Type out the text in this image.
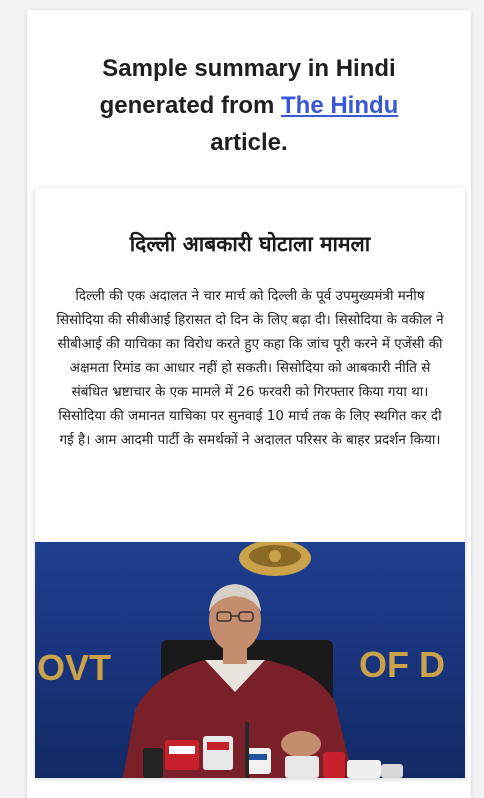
Sample summary in Hindi
generated from The Hindu
article.
दिल्ली आबकारी घोटाला मामला
दिल्ली की एक अदालत ने चार मार्च को दिल्ली के पूर्व उपमुख्यमंत्री मनीष सिसोदिया की सीबीआई हिरासत दो दिन के लिए बढ़ा दी। सिसोदिया के वकील ने सीबीआई की याचिका का विरोध करते हुए कहा कि जांच पूरी करने में एजेंसी की अक्षमता रिमांड का आधार नहीं हो सकती। सिसोदिया को आबकारी नीति से संबंधित भ्रष्टाचार के एक मामले में 26 फरवरी को गिरफ्तार किया गया था। सिसोदिया की जमानत याचिका पर सुनवाई 10 मार्च तक के लिए स्थगित कर दी गई है। आम आदमी पार्टी के समर्थकों ने अदालत परिसर के बाहर प्रदर्शन किया।
OVT	OF D
